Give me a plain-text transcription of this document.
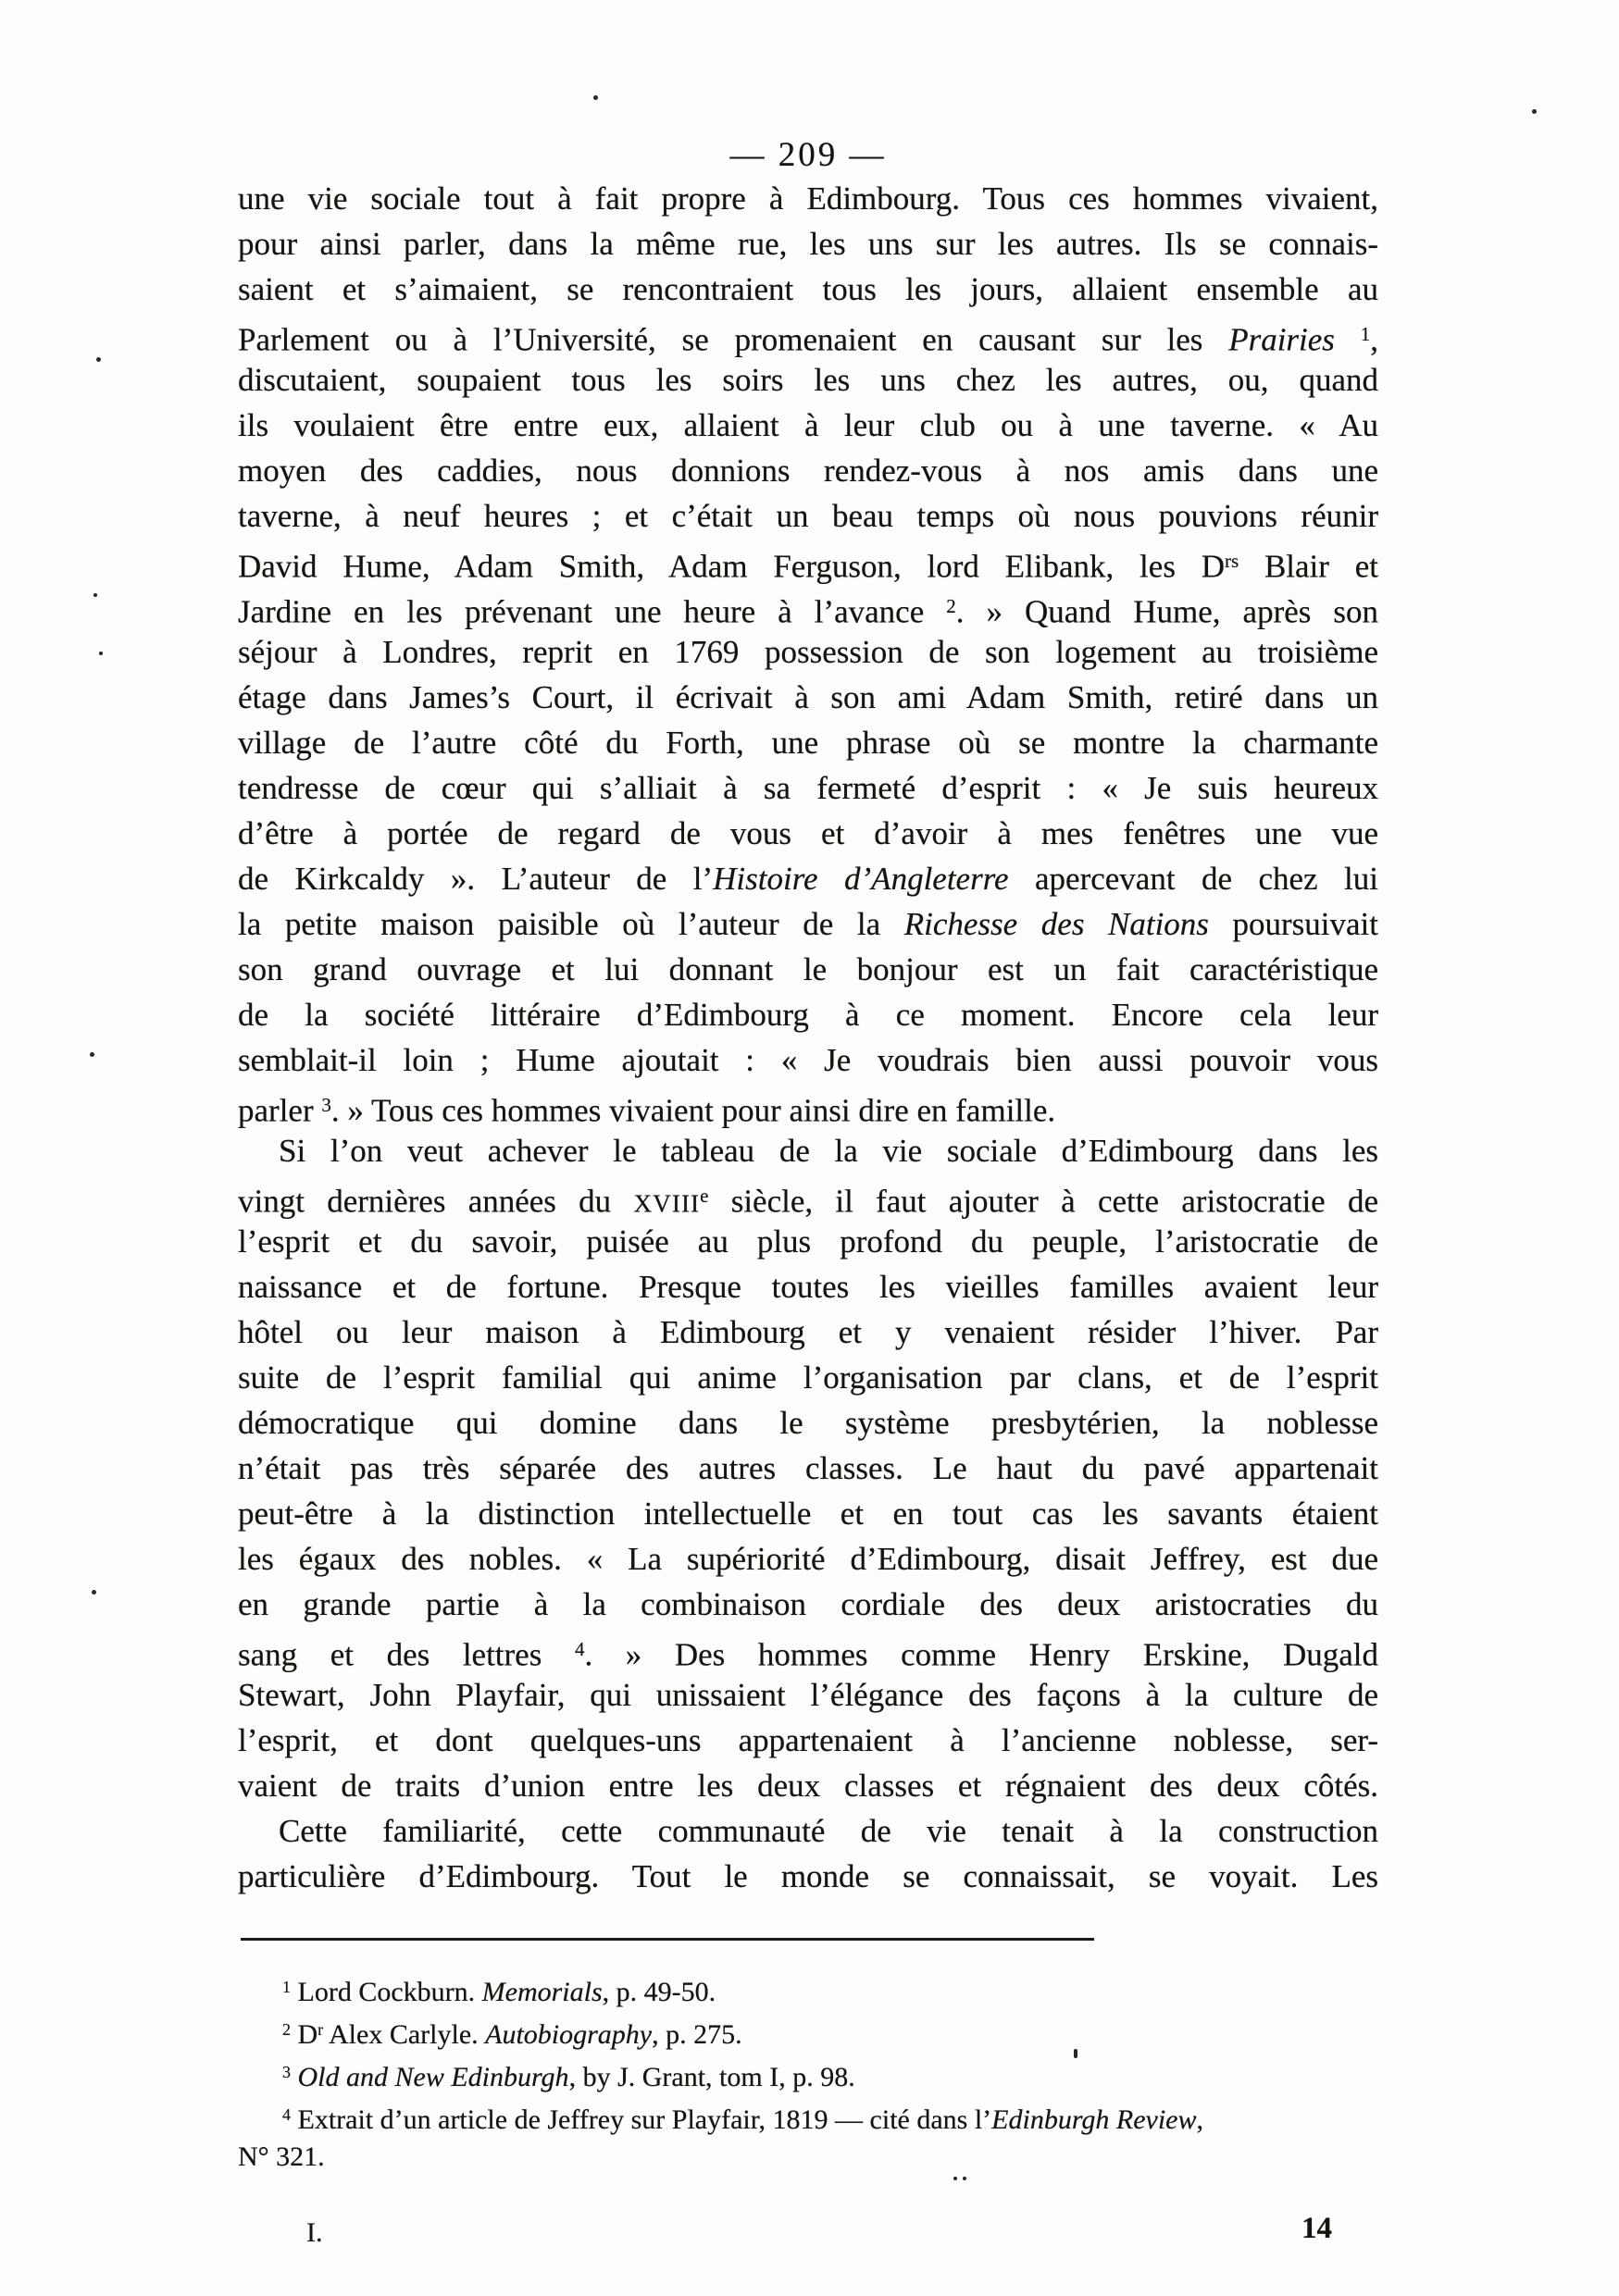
— 209 —
une vie sociale tout à fait propre à Edimbourg. Tous ces hommes vivaient,
pour ainsi parler, dans la même rue, les uns sur les autres. Ils se connais-
saient et s’aimaient, se rencontraient tous les jours, allaient ensemble au
Parlement ou à l’Université, se promenaient en causant sur les Prairies $^1$,
discutaient, soupaient tous les soirs les uns chez les autres, ou, quand
ils voulaient être entre eux, allaient à leur club ou à une taverne. « Au
moyen des caddies, nous donnions rendez-vous à nos amis dans une
taverne, à neuf heures ; et c’était un beau temps où nous pouvions réunir
David Hume, Adam Smith, Adam Ferguson, lord Elibank, les $D^{rs}$ Blair et
Jardine en les prévenant une heure à l’avance $^2$. » Quand Hume, après son
séjour à Londres, reprit en 1769 possession de son logement au troisième
étage dans James’s Court, il écrivait à son ami Adam Smith, retiré dans un
village de l’autre côté du Forth, une phrase où se montre la charmante
tendresse de cœur qui s’alliait à sa fermeté d’esprit : « Je suis heureux
d’être à portée de regard de vous et d’avoir à mes fenêtres une vue
de Kirkcaldy ». L’auteur de l’Histoire d’Angleterre apercevant de chez lui
la petite maison paisible où l’auteur de la Richesse des Nations poursuivait
son grand ouvrage et lui donnant le bonjour est un fait caractéristique
de la société littéraire d’Edimbourg à ce moment. Encore cela leur
semblait-il loin ; Hume ajoutait : « Je voudrais bien aussi pouvoir vous
parler $^3$. » Tous ces hommes vivaient pour ainsi dire en famille.
Si l’on veut achever le tableau de la vie sociale d’Edimbourg dans les
vingt dernières années du XVIIIe siècle, il faut ajouter à cette aristocratie de
l’esprit et du savoir, puisée au plus profond du peuple, l’aristocratie de
naissance et de fortune. Presque toutes les vieilles familles avaient leur
hôtel ou leur maison à Edimbourg et y venaient résider l’hiver. Par
suite de l’esprit familial qui anime l’organisation par clans, et de l’esprit
démocratique qui domine dans le système presbytérien, la noblesse
n’était pas très séparée des autres classes. Le haut du pavé appartenait
peut-être à la distinction intellectuelle et en tout cas les savants étaient
les égaux des nobles. « La supériorité d’Edimbourg, disait Jeffrey, est due
en grande partie à la combinaison cordiale des deux aristocraties du
sang et des lettres $^4$. » Des hommes comme Henry Erskine, Dugald
Stewart, John Playfair, qui unissaient l’élégance des façons à la culture de
l’esprit, et dont quelques-uns appartenaient à l’ancienne noblesse, ser-
vaient de traits d’union entre les deux classes et régnaient des deux côtés.
Cette familiarité, cette communauté de vie tenait à la construction
particulière d’Edimbourg. Tout le monde se connaissait, se voyait. Les
$^1$ Lord Cockburn. Memorials, p. 49-50.
$^2$ $D^r$ Alex Carlyle. Autobiography, p. 275.
$^3$ Old and New Edinburgh, by J. Grant, tom I, p. 98.
$^4$ Extrait d’un article de Jeffrey sur Playfair, 1819 — cité dans l’Edinburgh Review,
N° 321.
I.	14
